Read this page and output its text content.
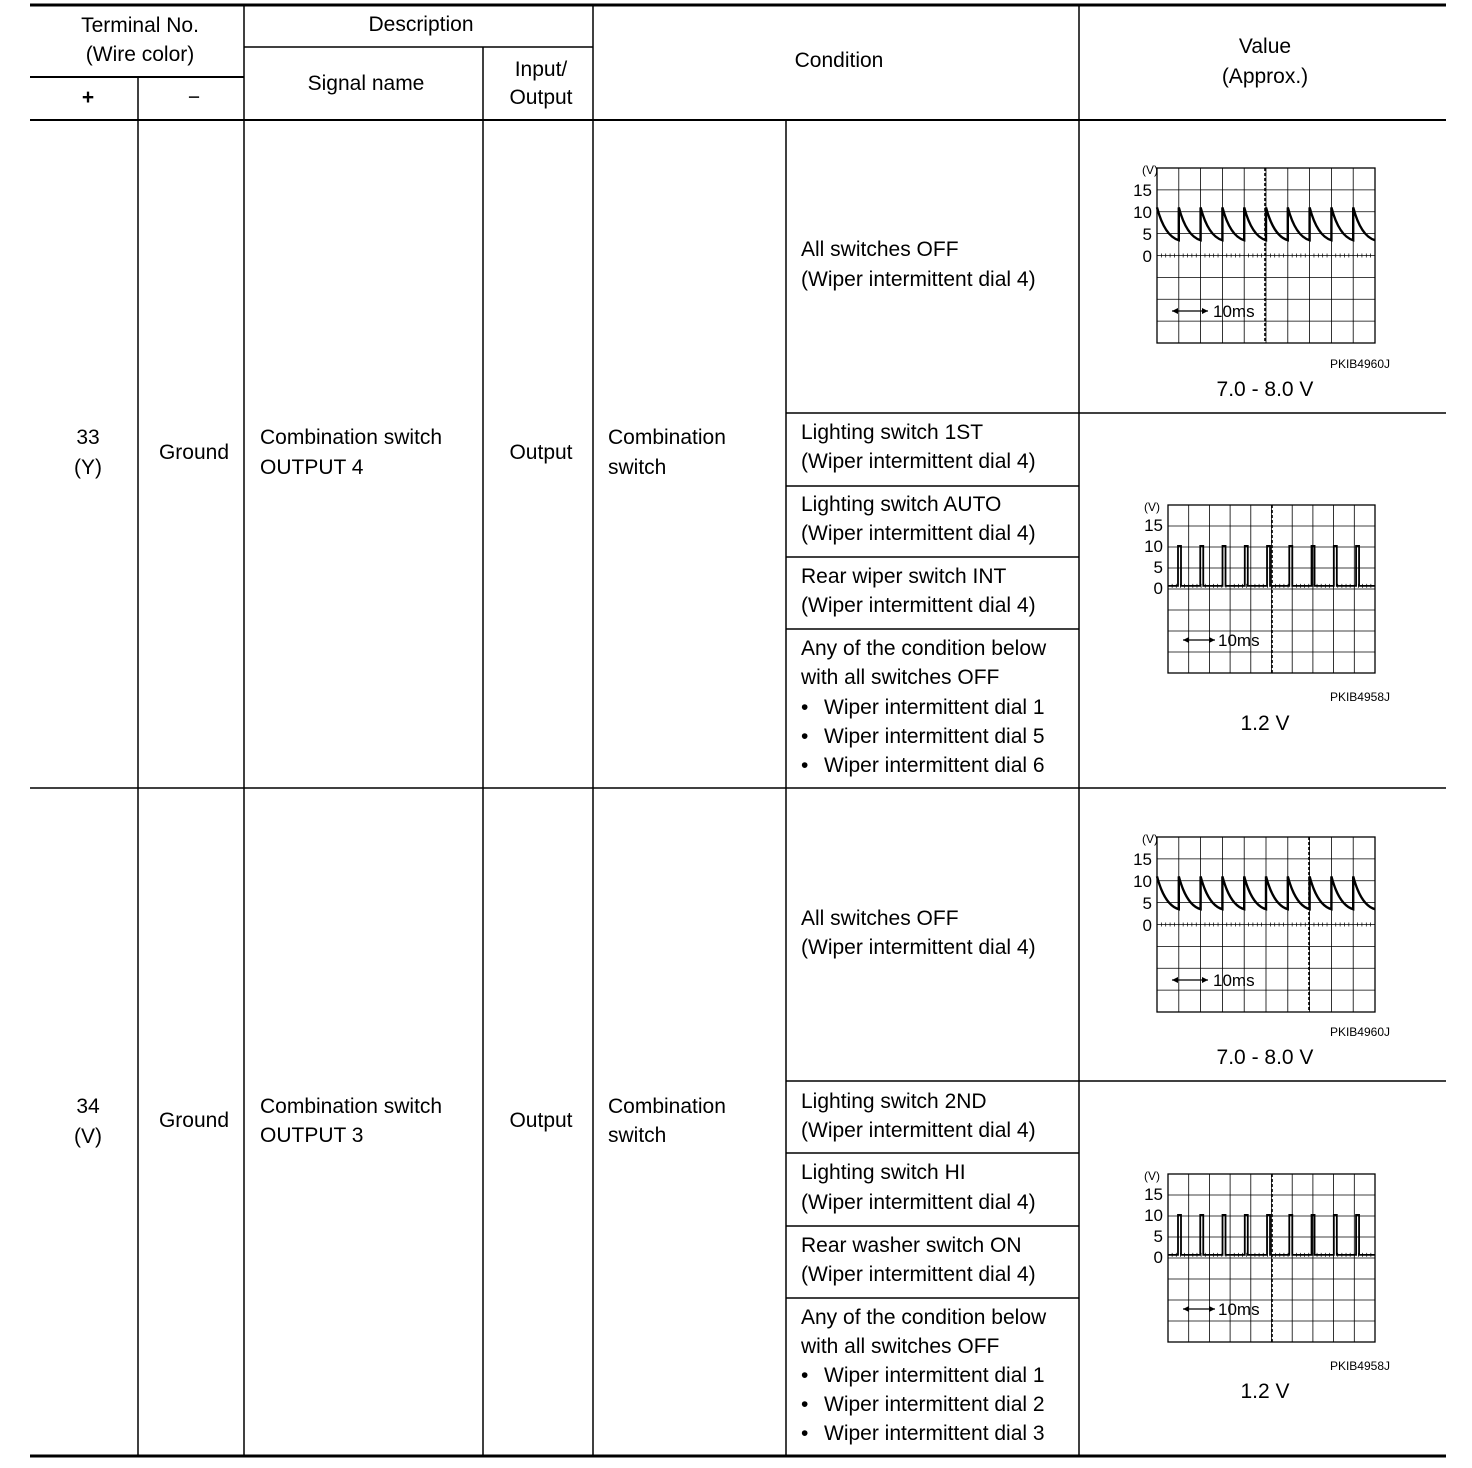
Terminal No.
(Wire color)
+	−
Description
Signal name
Input/
Output
Condition
Value
(Approx.)
33
(Y)
Ground
Combination switch
OUTPUT 4
Output
Combination
switch
All switches OFF
(Wiper intermittent dial 4)
Lighting switch 1ST
(Wiper intermittent dial 4)
Lighting switch AUTO
(Wiper intermittent dial 4)
Rear wiper switch INT
(Wiper intermittent dial 4)
Any of the condition below
with all switches OFF
• Wiper intermittent dial 1
• Wiper intermittent dial 5
• Wiper intermittent dial 6
(V)
15
10
5
0
10ms
PKIB4960J
7.0 - 8.0 V
(V)
15
10
5
0
10ms
PKIB4958J
1.2 V
34
(V)
Ground
Combination switch
OUTPUT 3
Output
Combination
switch
All switches OFF
(Wiper intermittent dial 4)
Lighting switch 2ND
(Wiper intermittent dial 4)
Lighting switch HI
(Wiper intermittent dial 4)
Rear washer switch ON
(Wiper intermittent dial 4)
Any of the condition below
with all switches OFF
• Wiper intermittent dial 1
• Wiper intermittent dial 2
• Wiper intermittent dial 3
(V)
15
10
5
0
10ms
PKIB4960J
7.0 - 8.0 V
(V)
15
10
5
0
10ms
PKIB4958J
1.2 V
